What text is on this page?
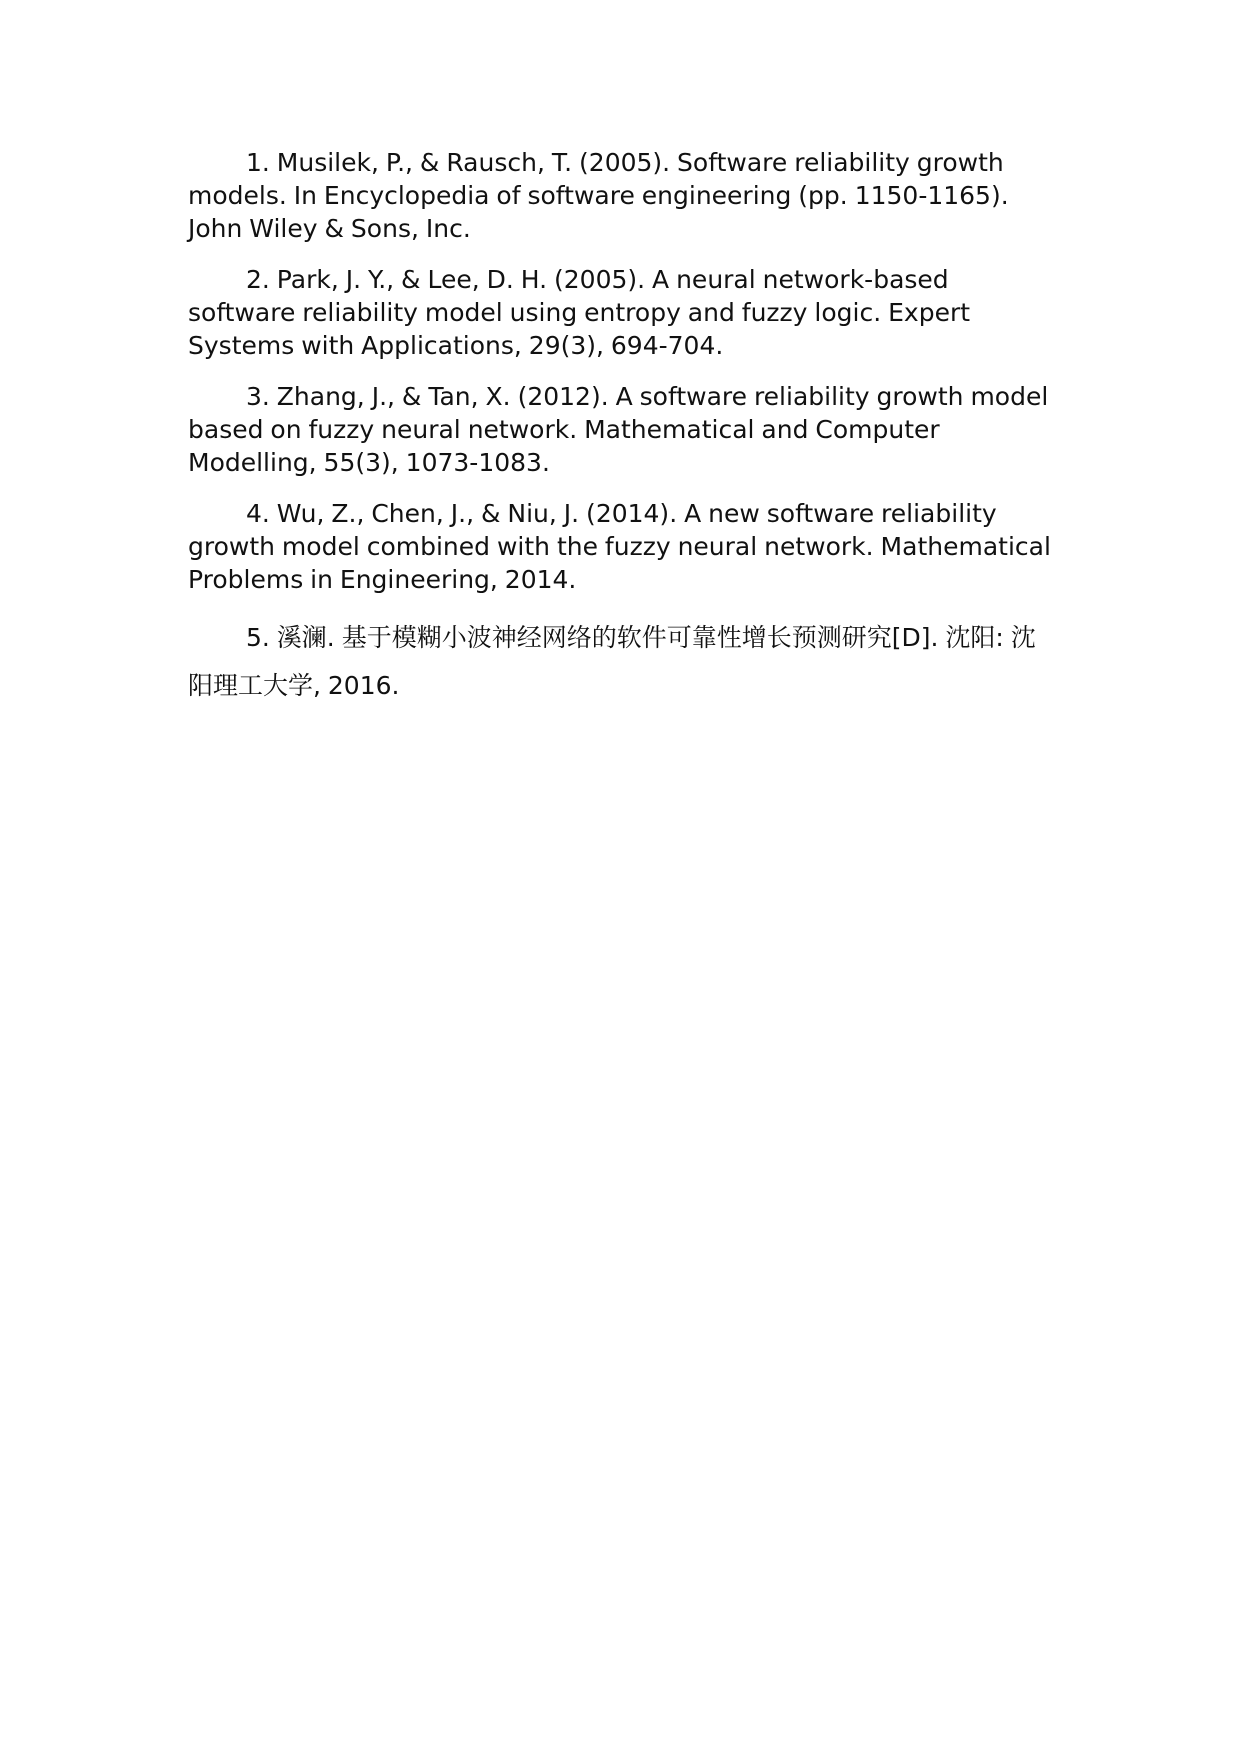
1. Musilek, P., & Rausch, T. (2005). Software reliability growth models. In Encyclopedia of software engineering (pp. 1150-1165). John Wiley & Sons, Inc.

2. Park, J. Y., & Lee, D. H. (2005). A neural network-based software reliability model using entropy and fuzzy logic. Expert Systems with Applications, 29(3), 694-704.

3. Zhang, J., & Tan, X. (2012). A software reliability growth model based on fuzzy neural network. Mathematical and Computer Modelling, 55(3), 1073-1083.

4. Wu, Z., Chen, J., & Niu, J. (2014). A new software reliability growth model combined with the fuzzy neural network. Mathematical Problems in Engineering, 2014.

5. 溪澜. 基于模糊小波神经网络的软件可靠性增长预测研究[D]. 沈阳: 沈阳理工大学, 2016.
